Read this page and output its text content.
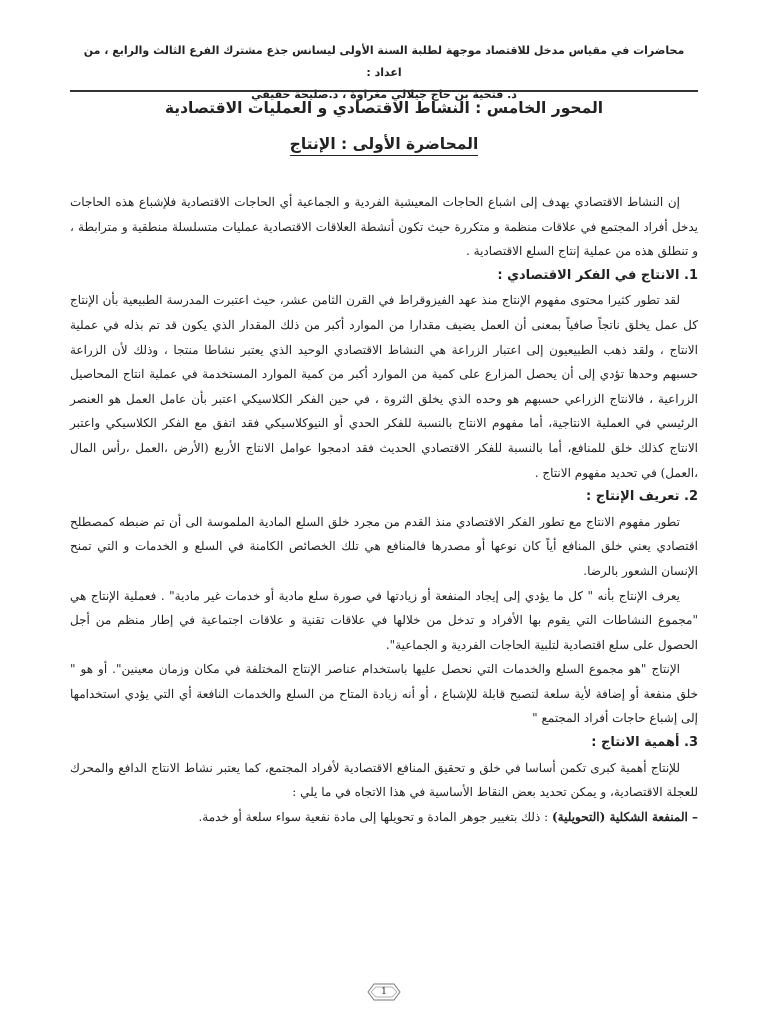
محاضرات في مقياس مدخل للاقتصاد موجهة لطلبة السنة الأولى ليسانس جذع مشترك الفرع الثالث والرابع ، من اعداد :
د. فتحية بن حاج جيلالي مغراوة ، د.صليحة حفيفي
المحور الخامس : النشاط الاقتصادي و العمليات الاقتصادية
المحاضرة الأولى : الإنتاج

إن النشاط الاقتصادي يهدف إلى اشباع الحاجات المعيشية الفردية و الجماعية أي الحاجات الاقتصادية فلإشباع هذه الحاجات يدخل أفراد المجتمع في علاقات منظمة و متكررة حيث تكون أنشطة العلاقات الاقتصادية عمليات متسلسلة منطقية و مترابطة ، و تنطلق هذه من عملية إنتاج السلع الاقتصادية .

1. الانتاج في الفكر الاقتصادي :

لقد تطور كثيرا محتوى مفهوم الإنتاج منذ عهد الفيزوقراط في القرن الثامن عشر، حيث اعتبرت المدرسة الطبيعية بأن الإنتاج كل عمل يخلق ناتجاً صافياً بمعنى أن العمل يضيف مقدارا من الموارد أكبر من ذلك المقدار الذي يكون قد تم بذله في عملية الانتاج ، ولقد ذهب الطبيعيون إلى اعتبار الزراعة هي النشاط الاقتصادي الوحيد الذي يعتبر نشاطا منتجا ، وذلك لأن الزراعة حسبهم وحدها تؤدي إلى أن يحصل المزارع على كمية من الموارد أكبر من كمية الموارد المستخدمة في عملية انتاج المحاصيل الزراعية ، فالانتاج الزراعي حسبهم هو وحده الذي يخلق الثروة ، في حين الفكر الكلاسيكي اعتبر بأن عامل العمل هو العنصر الرئيسي في العملية الانتاجية، أما مفهوم الانتاج بالنسبة للفكر الحدي أو النيوكلاسيكي فقد اتفق مع الفكر الكلاسيكي واعتبر الانتاج كذلك خلق للمنافع، أما بالنسبة للفكر الاقتصادي الحديث فقد ادمجوا عوامل الانتاج الأربع (الأرض ،العمل ،رأس المال ،العمل) في تحديد مفهوم الانتاج .

2. تعريف الإنتاج :

تطور مفهوم الانتاج مع تطور الفكر الاقتصادي منذ القدم من مجرد خلق السلع المادية الملموسة الى أن تم ضبطه كمصطلح اقتصادي يعني خلق المنافع أياً كان نوعها أو مصدرها فالمنافع هي تلك الخصائص الكامنة في السلع و الخدمات و التي تمنح الإنسان الشعور بالرضا.

يعرف الإنتاج بأنه " كل ما يؤدي إلى إيجاد المنفعة أو زيادتها في صورة سلع مادية أو خدمات غير مادية" . فعملية الإنتاج هي "مجموع النشاطات التي يقوم بها الأفراد و تدخل من خلالها في علاقات تقنية و علاقات اجتماعية في إطار منظم من أجل الحصول على سلع اقتصادية لتلبية الحاجات الفردية و الجماعية".

الإنتاج "هو مجموع السلع والخدمات التي نحصل عليها باستخدام عناصر الإنتاج المختلفة في مكان وزمان معينين". أو هو " خلق منفعة أو إضافة لأية سلعة لتصبح قابلة للإشباع ، أو أنه زيادة المتاح من السلع والخدمات النافعة أي التي يؤدي استخدامها إلى إشباع حاجات أفراد المجتمع "

3. أهمية الانتاج :

للإنتاج أهمية كبرى تكمن أساسا في خلق و تحقيق المنافع الاقتصادية لأفراد المجتمع، كما يعتبر نشاط الانتاج الدافع والمحرك للعجلة الاقتصادية، و يمكن تحديد بعض النقاط الأساسية في هذا الاتجاه في ما يلي :

– المنفعة الشكلية (التحويلية) : ذلك بتغيير جوهر المادة و تحويلها إلى مادة نفعية سواء سلعة أو خدمة.

1
